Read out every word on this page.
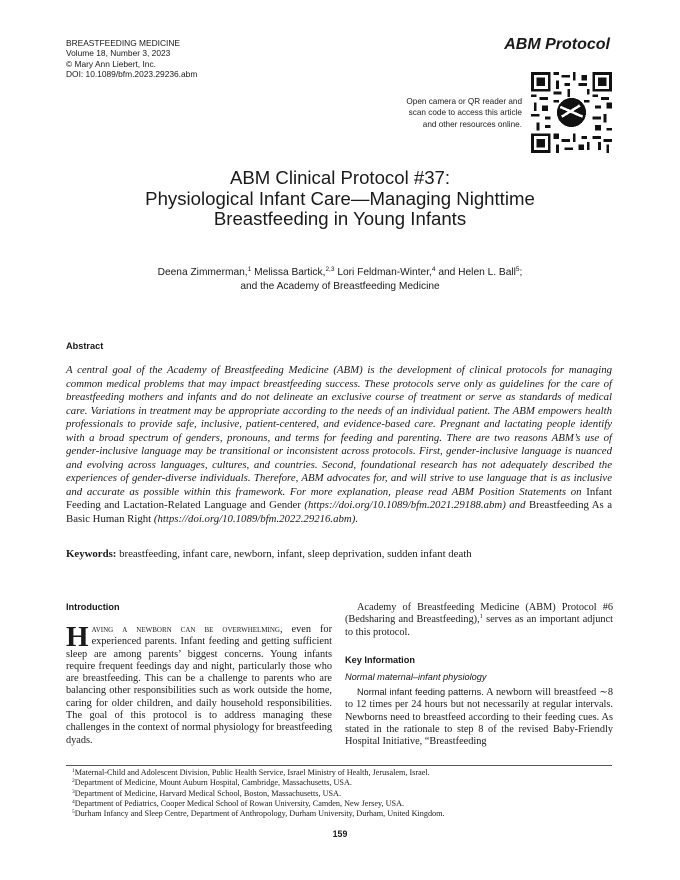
BREASTFEEDING MEDICINE
Volume 18, Number 3, 2023
© Mary Ann Liebert, Inc.
DOI: 10.1089/bfm.2023.29236.abm
ABM Protocol
Open camera or QR reader and
scan code to access this article
and other resources online.
ABM Clinical Protocol #37:
Physiological Infant Care—Managing Nighttime
Breastfeeding in Young Infants
Deena Zimmerman,$^1$ Melissa Bartick,$^{2,3}$ Lori Feldman-Winter,$^4$ and Helen L. Ball$^5$;
and the Academy of Breastfeeding Medicine
Abstract

A central goal of the Academy of Breastfeeding Medicine (ABM) is the development of clinical protocols for managing common medical problems that may impact breastfeeding success. These protocols serve only as guidelines for the care of breastfeeding mothers and infants and do not delineate an exclusive course of treatment or serve as standards of medical care. Variations in treatment may be appropriate according to the needs of an individual patient. The ABM empowers health professionals to provide safe, inclusive, patient-centered, and evidence-based care. Pregnant and lactating people identify with a broad spectrum of genders, pronouns, and terms for feeding and parenting. There are two reasons ABM’s use of gender-inclusive language may be transitional or inconsistent across protocols. First, gender-inclusive language is nuanced and evolving across languages, cultures, and countries. Second, foundational research has not adequately described the experiences of gender-diverse individuals. Therefore, ABM advocates for, and will strive to use language that is as inclusive and accurate as possible within this framework. For more explanation, please read ABM Position Statements on Infant Feeding and Lactation-Related Language and Gender (https://doi.org/10.1089/bfm.2021.29188.abm) and Breastfeeding As a Basic Human Right (https://doi.org/10.1089/bfm.2022.29216.abm).

Keywords: breastfeeding, infant care, newborn, infant, sleep deprivation, sudden infant death

Introduction

Having a newborn can be overwhelming, even for experienced parents. Infant feeding and getting sufficient sleep are among parents’ biggest concerns. Young infants require frequent feedings day and night, particularly those who are breastfeeding. This can be a challenge to parents who are balancing other responsibilities such as work outside the home, caring for older children, and daily household responsibilities. The goal of this protocol is to address managing these challenges in the context of normal physiology for breastfeeding dyads.

Academy of Breastfeeding Medicine (ABM) Protocol #6 (Bedsharing and Breastfeeding),$^1$ serves as an important adjunct to this protocol.

Key Information
Normal maternal–infant physiology

Normal infant feeding patterns. A newborn will breastfeed ∼8 to 12 times per 24 hours but not necessarily at regular intervals. Newborns need to breastfeed according to their feeding cues. As stated in the rationale to step 8 of the revised Baby-Friendly Hospital Initiative, “Breastfeeding

$^1$Maternal-Child and Adolescent Division, Public Health Service, Israel Ministry of Health, Jerusalem, Israel.
$^2$Department of Medicine, Mount Auburn Hospital, Cambridge, Massachusetts, USA.
$^3$Department of Medicine, Harvard Medical School, Boston, Massachusetts, USA.
$^4$Department of Pediatrics, Cooper Medical School of Rowan University, Camden, New Jersey, USA.
$^5$Durham Infancy and Sleep Centre, Department of Anthropology, Durham University, Durham, United Kingdom.
159
